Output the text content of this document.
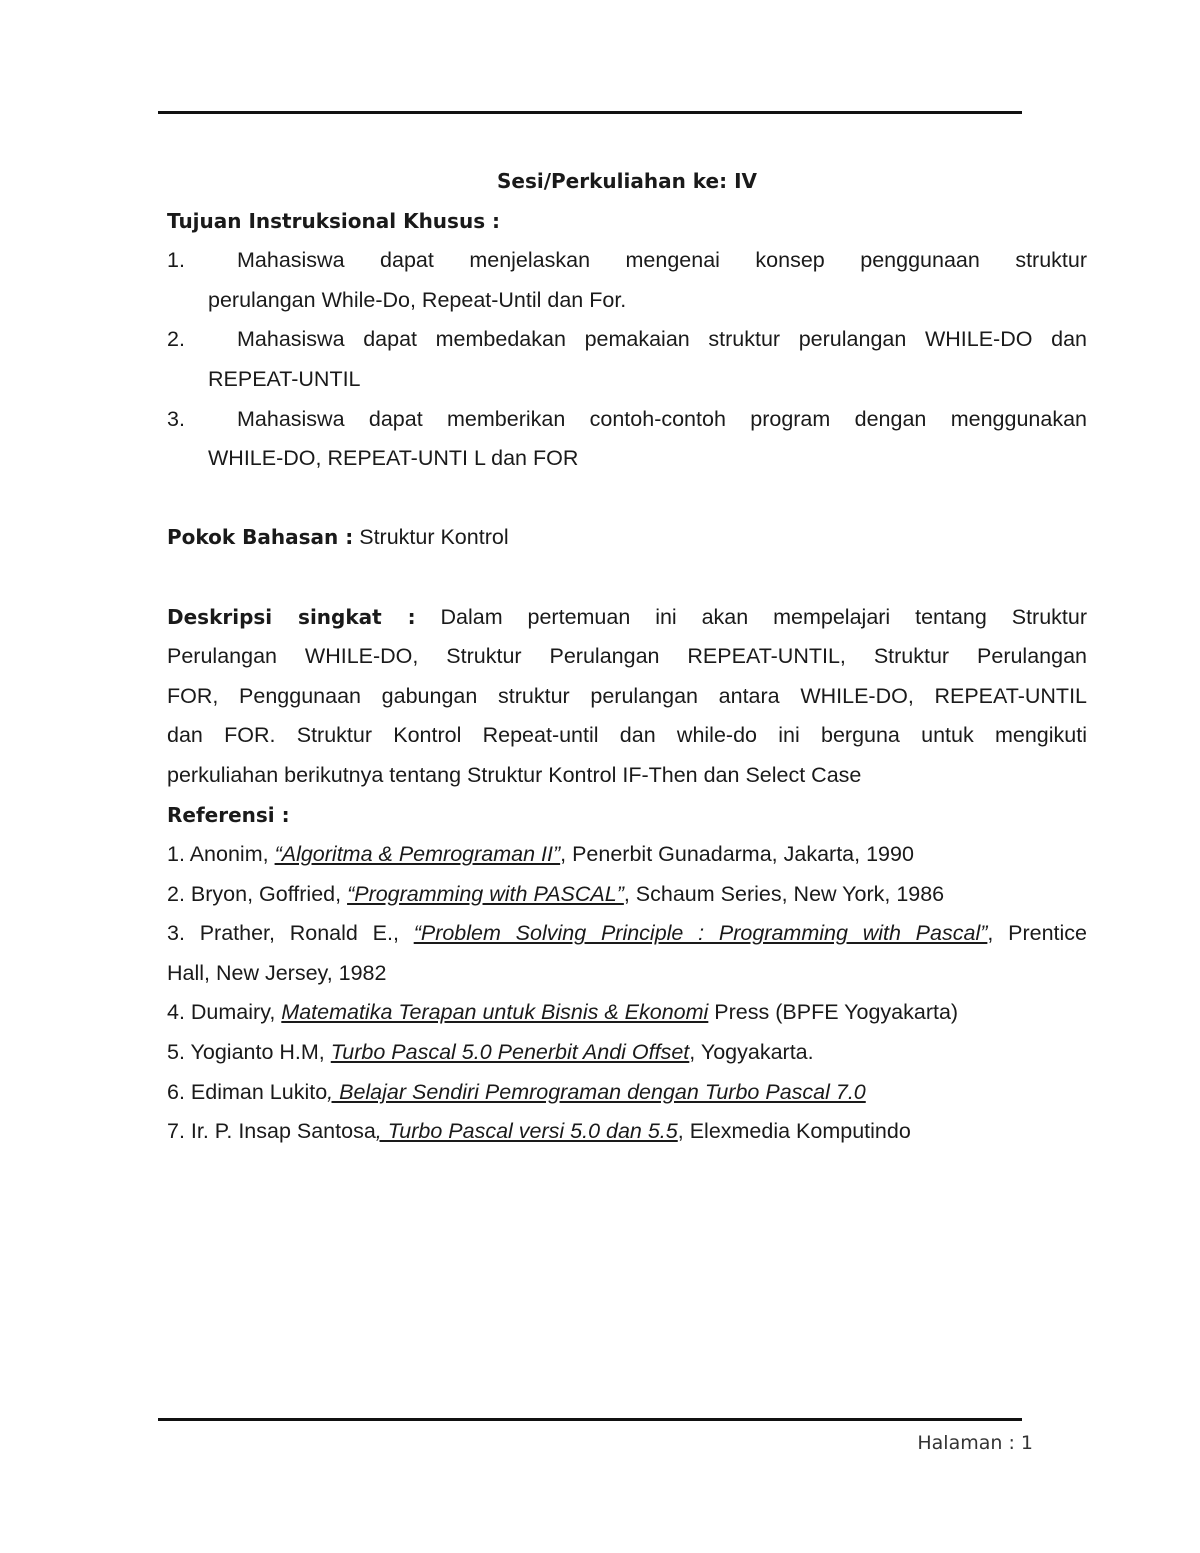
Sesi/Perkuliahan ke: IV
Tujuan Instruksional Khusus :
1. Mahasiswa dapat menjelaskan mengenai konsep penggunaan struktur
perulangan While-Do, Repeat-Until dan For.
2. Mahasiswa dapat membedakan pemakaian struktur perulangan WHILE-DO dan
REPEAT-UNTIL
3. Mahasiswa dapat memberikan contoh-contoh program dengan menggunakan
WHILE-DO, REPEAT-UNTI L dan FOR
Pokok Bahasan : Struktur Kontrol
Deskripsi singkat : Dalam pertemuan ini akan mempelajari tentang Struktur
Perulangan WHILE-DO, Struktur Perulangan REPEAT-UNTIL, Struktur Perulangan
FOR, Penggunaan gabungan struktur perulangan antara WHILE-DO, REPEAT-UNTIL
dan FOR. Struktur Kontrol Repeat-until dan while-do ini berguna untuk mengikuti
perkuliahan berikutnya tentang Struktur Kontrol IF-Then dan Select Case
Referensi :
1. Anonim, “Algoritma & Pemrograman II”, Penerbit Gunadarma, Jakarta, 1990
2. Bryon, Goffried, “Programming with PASCAL”, Schaum Series, New York, 1986
3. Prather, Ronald E., “Problem Solving Principle : Programming with Pascal”, Prentice
Hall, New Jersey, 1982
4. Dumairy, Matematika Terapan untuk Bisnis & Ekonomi Press (BPFE Yogyakarta)
5. Yogianto H.M, Turbo Pascal 5.0 Penerbit Andi Offset, Yogyakarta.
6. Ediman Lukito, Belajar Sendiri Pemrograman dengan Turbo Pascal 7.0
7. Ir. P. Insap Santosa, Turbo Pascal versi 5.0 dan 5.5, Elexmedia Komputindo
Halaman : 1
